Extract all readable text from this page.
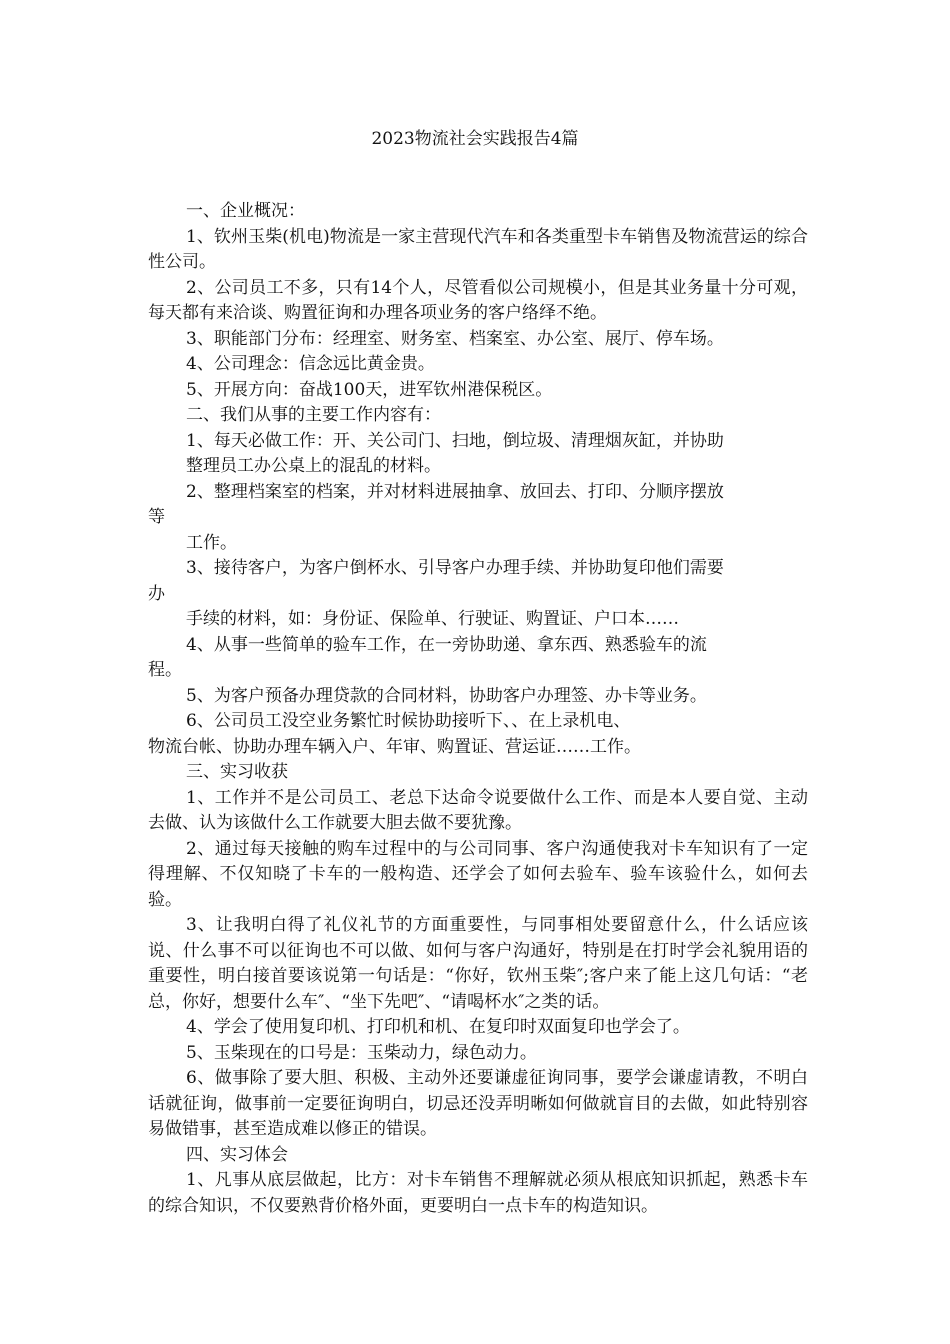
2023物流社会实践报告4篇

一、企业概况：

1、钦州玉柴(机电)物流是一家主营现代汽车和各类重型卡车销售及物流营运的综合性公司。

2、公司员工不多，只有14个人，尽管看似公司规模小，但是其业务量十分可观，每天都有来洽谈、购置征询和办理各项业务的客户络绎不绝。

3、职能部门分布：经理室、财务室、档案室、办公室、展厅、停车场。

4、公司理念：信念远比黄金贵。

5、开展方向：奋战100天，进军钦州港保税区。

二、我们从事的主要工作内容有：

1、每天必做工作：开、关公司门、扫地，倒垃圾、清理烟灰缸，并协助

整理员工办公桌上的混乱的材料。

2、整理档案室的档案，并对材料进展抽拿、放回去、打印、分顺序摆放

等

工作。

3、接待客户，为客户倒杯水、引导客户办理手续、并协助复印他们需要

办

手续的材料，如：身份证、保险单、行驶证、购置证、户口本……

4、从事一些简单的验车工作，在一旁协助递、拿东西、熟悉验车的流

程。

5、为客户预备办理贷款的合同材料，协助客户办理签、办卡等业务。

6、公司员工没空业务繁忙时候协助接听下、、在上录机电、

物流台帐、协助办理车辆入户、年审、购置证、营运证……工作。

三、实习收获

1、工作并不是公司员工、老总下达命令说要做什么工作、而是本人要自觉、主动去做、认为该做什么工作就要大胆去做不要犹豫。

2、通过每天接触的购车过程中的与公司同事、客户沟通使我对卡车知识有了一定得理解、不仅知晓了卡车的一般构造、还学会了如何去验车、验车该验什么，如何去验。

3、让我明白得了礼仪礼节的方面重要性，与同事相处要留意什么，什么话应该说、什么事不可以征询也不可以做、如何与客户沟通好，特别是在打时学会礼貌用语的重要性，明白接首要该说第一句话是：“你好，钦州玉柴″;客户来了能上这几句话：“老总，你好，想要什么车″、“坐下先吧″、“请喝杯水″之类的话。

4、学会了使用复印机、打印机和机、在复印时双面复印也学会了。

5、玉柴现在的口号是：玉柴动力，绿色动力。

6、做事除了要大胆、积极、主动外还要谦虚征询同事，要学会谦虚请教，不明白话就征询，做事前一定要征询明白，切忌还没弄明晰如何做就盲目的去做，如此特别容易做错事，甚至造成难以修正的错误。

四、实习体会

1、凡事从底层做起，比方：对卡车销售不理解就必须从根底知识抓起，熟悉卡车的综合知识，不仅要熟背价格外面，更要明白一点卡车的构造知识。
